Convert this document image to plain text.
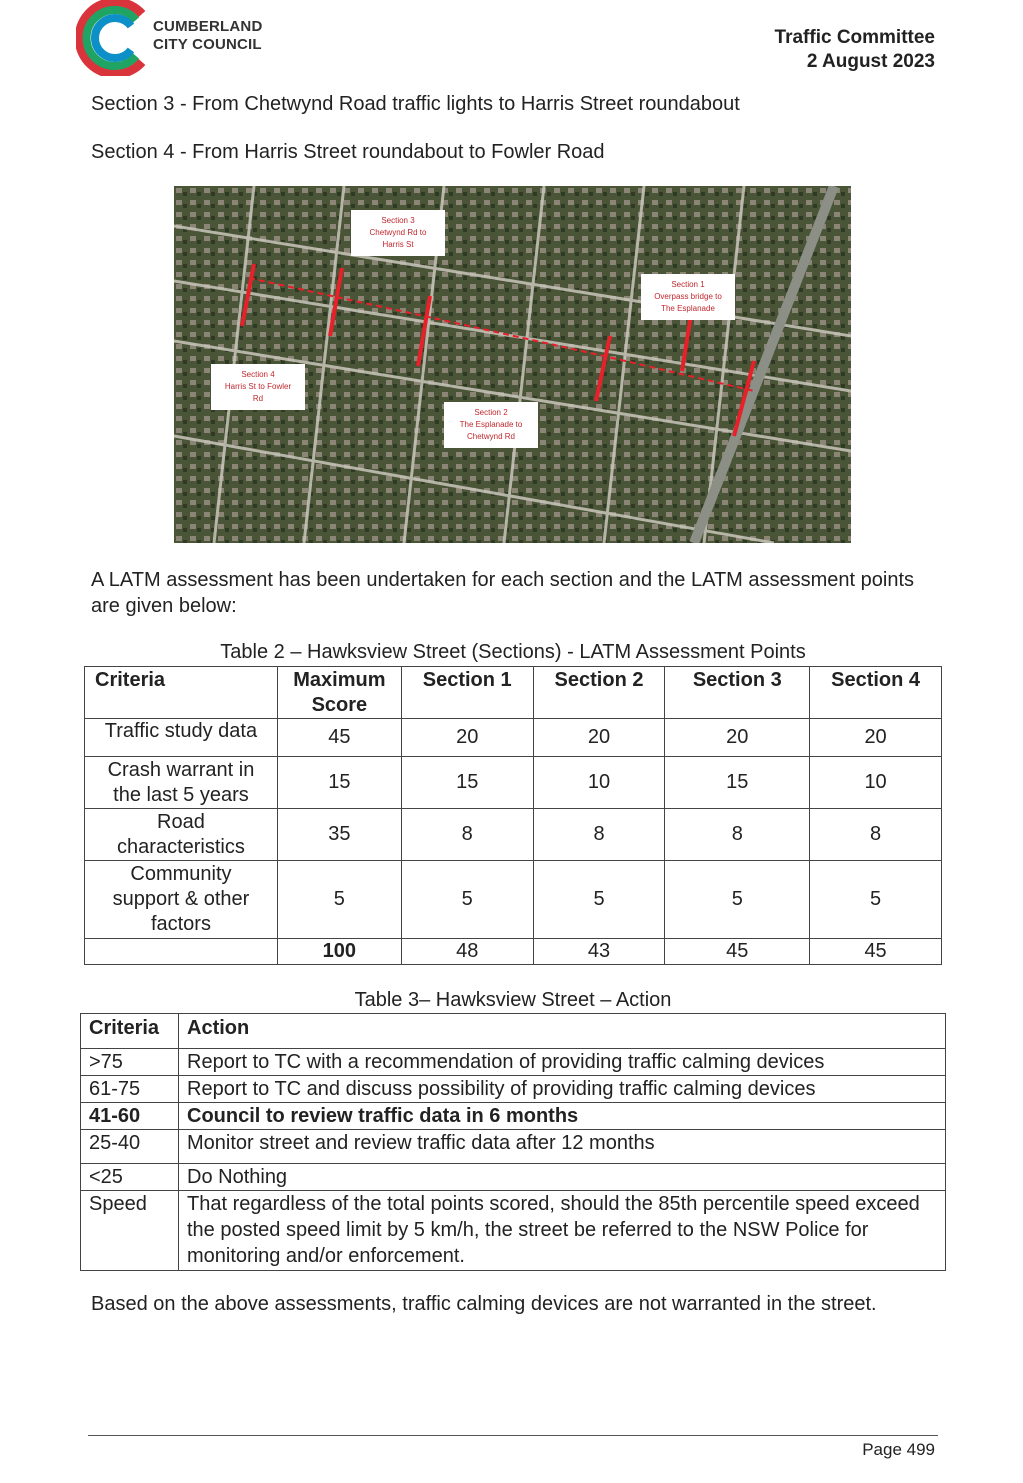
CUMBERLAND
CITY COUNCIL	Traffic Committee
2 August 2023
Section 3 - From Chetwynd Road traffic lights to Harris Street roundabout
Section 4 - From Harris Street roundabout to Fowler Road
Section 3
Chetwynd Rd to
Harris St
Section 1
Overpass bridge to
The Esplanade
Section 4
Harris St to Fowler
Rd
Section 2
The Esplanade to
Chetwynd Rd
A LATM assessment has been undertaken for each section and the LATM assessment points are given below:
Table 2 – Hawksview Street (Sections) - LATM Assessment Points
Criteria	Maximum Score	Section 1	Section 2	Section 3	Section 4
Traffic study data	45	20	20	20	20
Crash warrant in the last 5 years	15	15	10	15	10
Road characteristics	35	8	8	8	8
Community support & other factors	5	5	5	5	5
	100	48	43	45	45
Table 3– Hawksview Street – Action
Criteria	Action
>75	Report to TC with a recommendation of providing traffic calming devices
61-75	Report to TC and discuss possibility of providing traffic calming devices
41-60	Council to review traffic data in 6 months
25-40	Monitor street and review traffic data after 12 months
<25	Do Nothing
Speed	That regardless of the total points scored, should the 85th percentile speed exceed the posted speed limit by 5 km/h, the street be referred to the NSW Police for monitoring and/or enforcement.
Based on the above assessments, traffic calming devices are not warranted in the street.
Page 499
